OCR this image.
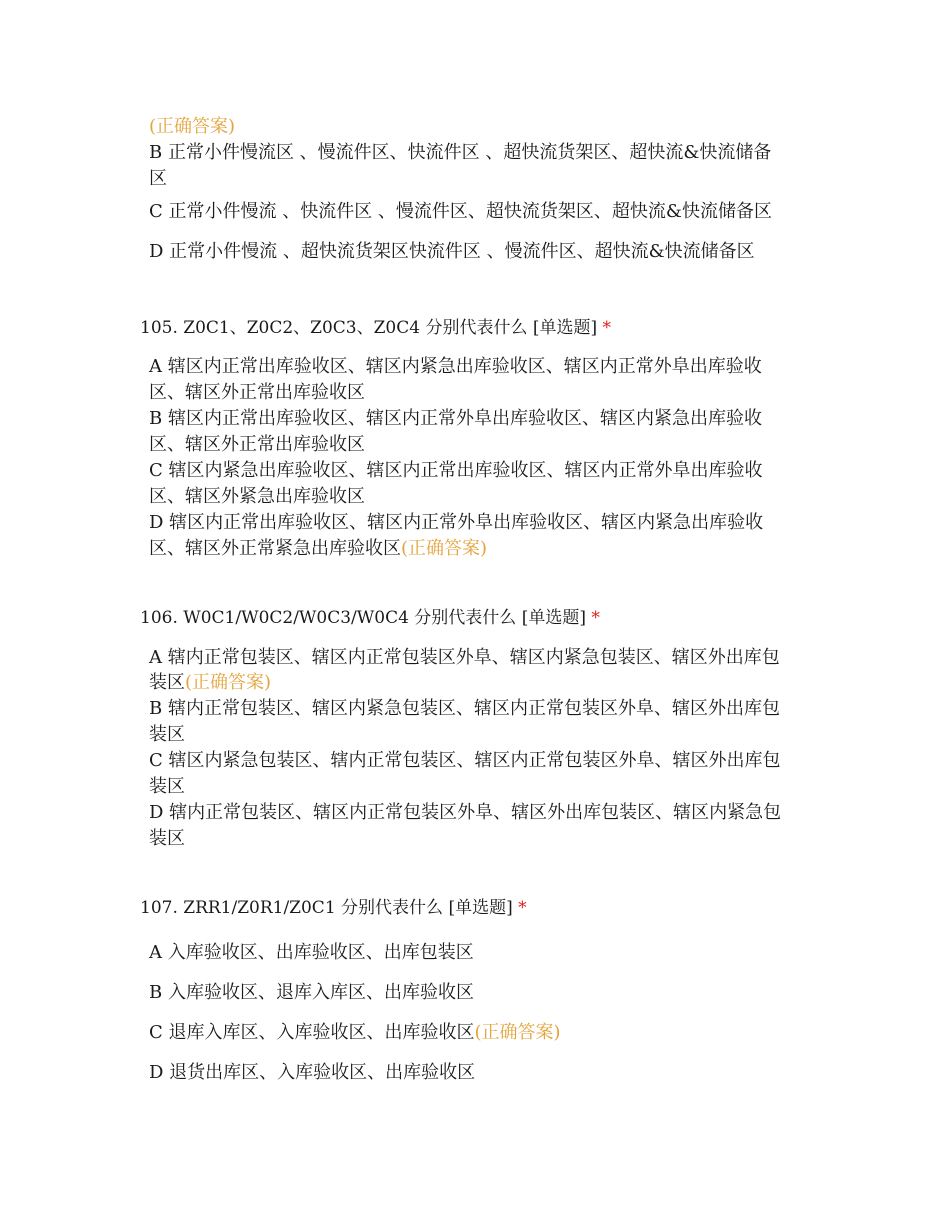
(正确答案)
B 正常小件慢流区 、慢流件区、快流件区 、超快流货架区、超快流&快流储备
区
C 正常小件慢流 、快流件区 、慢流件区、超快流货架区、超快流&快流储备区
D 正常小件慢流 、超快流货架区快流件区 、慢流件区、超快流&快流储备区
105. Z0C1、Z0C2、Z0C3、Z0C4 分别代表什么 [单选题] *
A 辖区内正常出库验收区、辖区内紧急出库验收区、辖区内正常外阜出库验收
区、辖区外正常出库验收区
B 辖区内正常出库验收区、辖区内正常外阜出库验收区、辖区内紧急出库验收
区、辖区外正常出库验收区
C 辖区内紧急出库验收区、辖区内正常出库验收区、辖区内正常外阜出库验收
区、辖区外紧急出库验收区
D 辖区内正常出库验收区、辖区内正常外阜出库验收区、辖区内紧急出库验收
区、辖区外正常紧急出库验收区(正确答案)
106. W0C1/W0C2/W0C3/W0C4 分别代表什么 [单选题] *
A 辖内正常包装区、辖区内正常包装区外阜、辖区内紧急包装区、辖区外出库包
装区(正确答案)
B 辖内正常包装区、辖区内紧急包装区、辖区内正常包装区外阜、辖区外出库包
装区
C 辖区内紧急包装区、辖内正常包装区、辖区内正常包装区外阜、辖区外出库包
装区
D 辖内正常包装区、辖区内正常包装区外阜、辖区外出库包装区、辖区内紧急包
装区
107. ZRR1/Z0R1/Z0C1 分别代表什么 [单选题] *
A 入库验收区、出库验收区、出库包装区
B 入库验收区、退库入库区、出库验收区
C 退库入库区、入库验收区、出库验收区(正确答案)
D 退货出库区、入库验收区、出库验收区
